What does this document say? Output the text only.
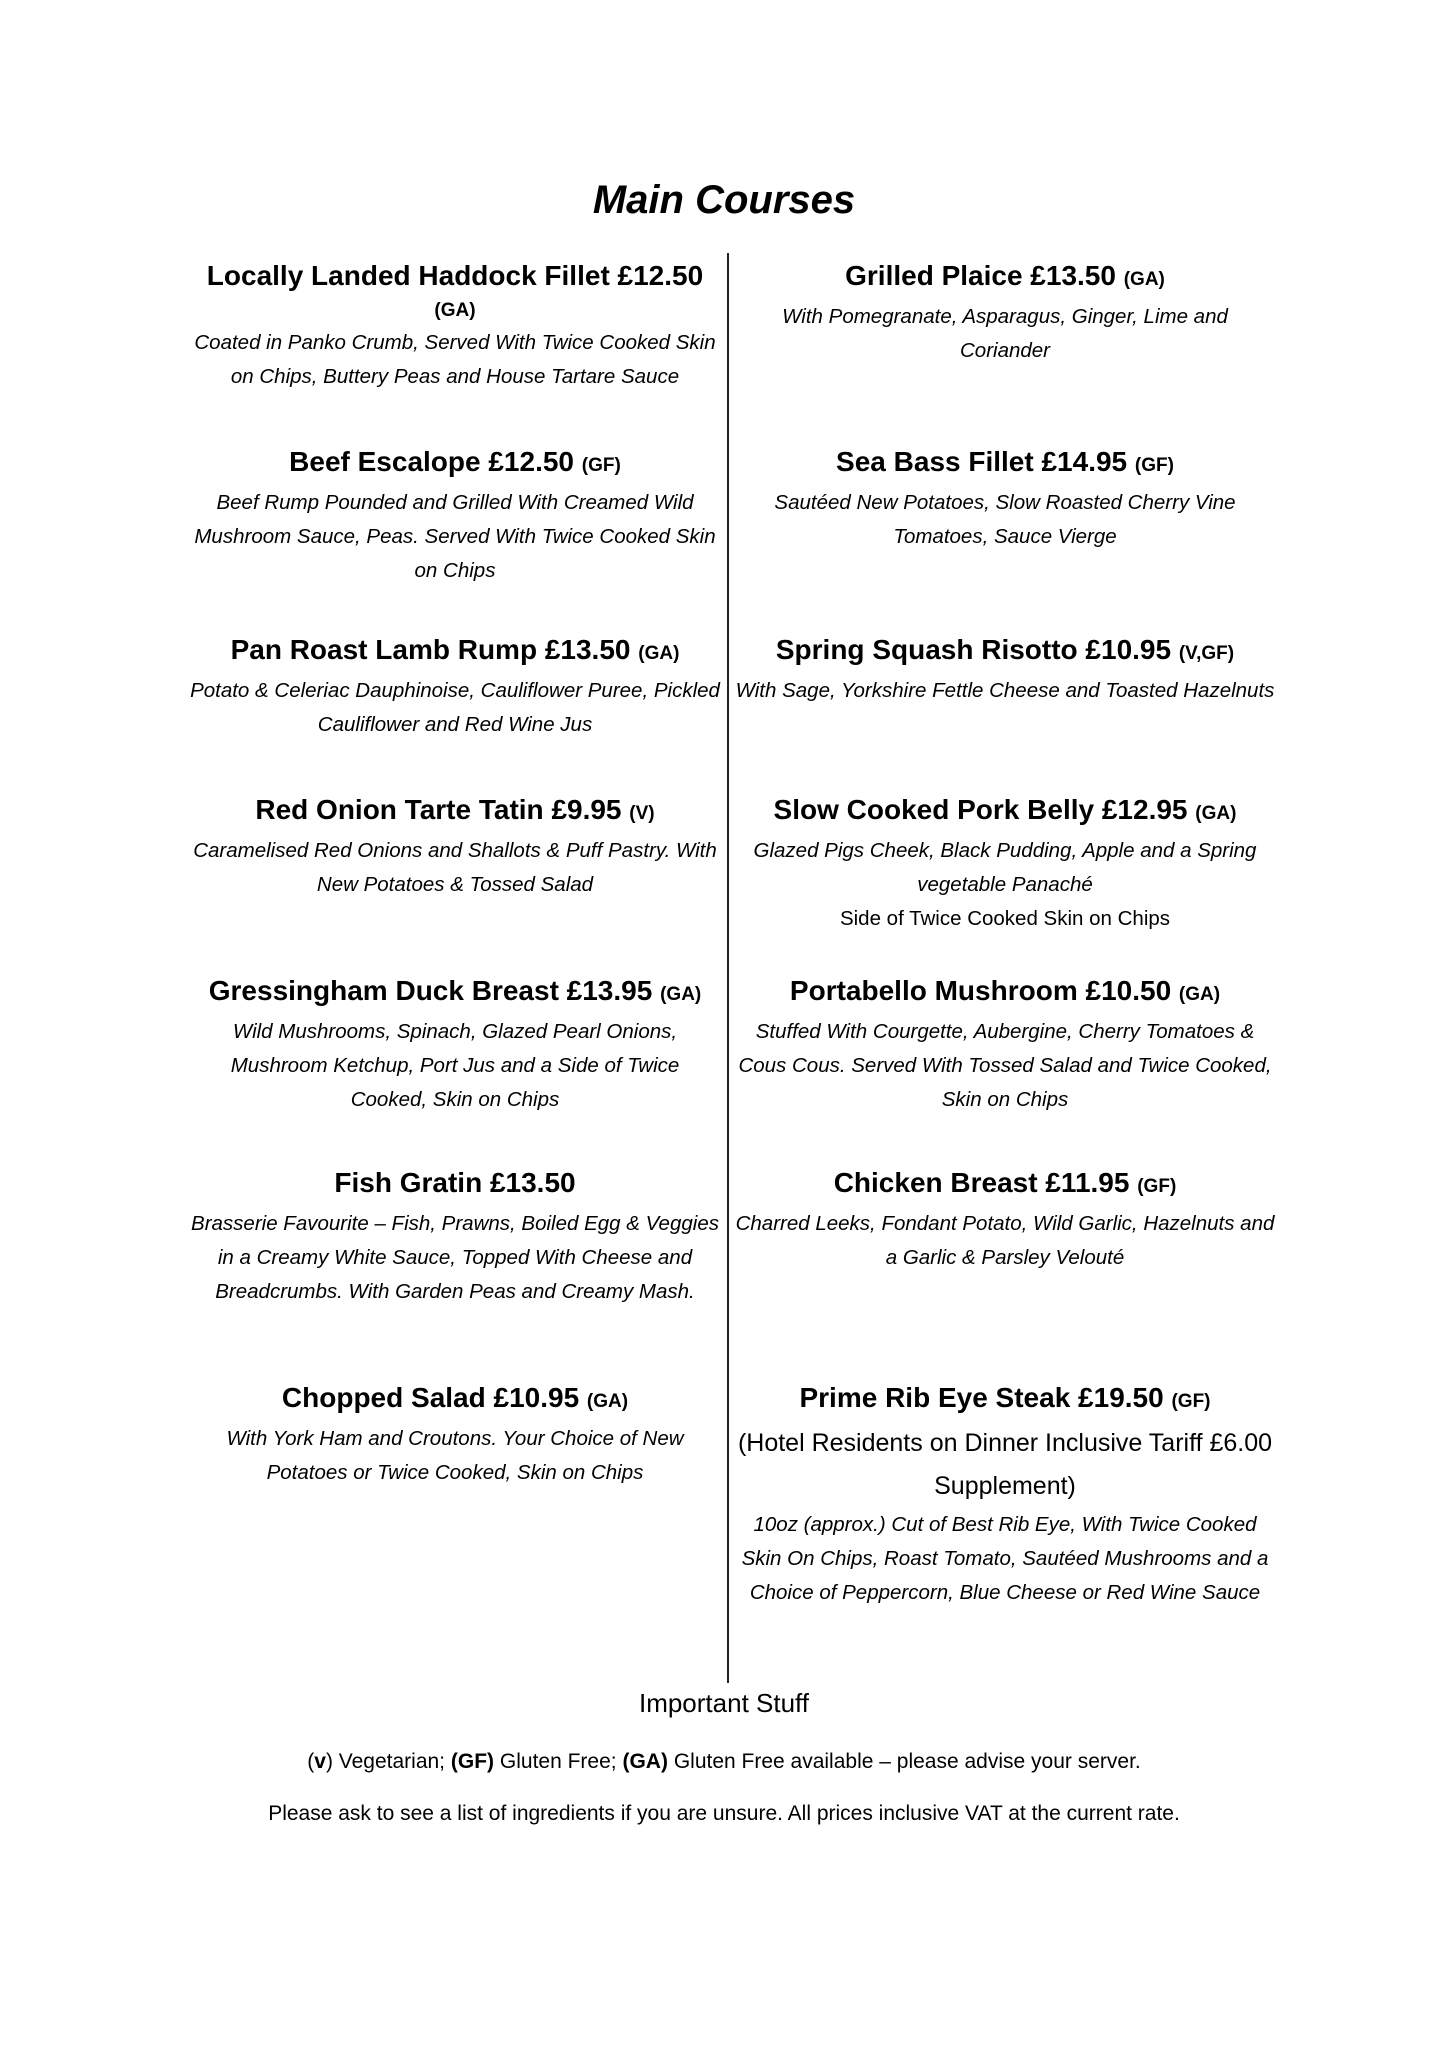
Main Courses
Locally Landed Haddock Fillet £12.50
(GA)
Coated in Panko Crumb, Served With Twice Cooked Skin on Chips, Buttery Peas and House Tartare Sauce
Beef Escalope £12.50 (GF)
Beef Rump Pounded and Grilled With Creamed Wild Mushroom Sauce, Peas. Served With Twice Cooked Skin on Chips
Pan Roast Lamb Rump £13.50 (GA)
Potato & Celeriac Dauphinoise, Cauliflower Puree, Pickled Cauliflower and Red Wine Jus
Red Onion Tarte Tatin £9.95 (V)
Caramelised Red Onions and Shallots & Puff Pastry. With New Potatoes & Tossed Salad
Gressingham Duck Breast £13.95 (GA)
Wild Mushrooms, Spinach, Glazed Pearl Onions, Mushroom Ketchup, Port Jus and a Side of Twice Cooked, Skin on Chips
Fish Gratin £13.50
Brasserie Favourite – Fish, Prawns, Boiled Egg & Veggies in a Creamy White Sauce, Topped With Cheese and Breadcrumbs. With Garden Peas and Creamy Mash.
Chopped Salad £10.95 (GA)
With York Ham and Croutons. Your Choice of New Potatoes or Twice Cooked, Skin on Chips
Grilled Plaice £13.50 (GA)
With Pomegranate, Asparagus, Ginger, Lime and Coriander
Sea Bass Fillet £14.95 (GF)
Sautéed New Potatoes, Slow Roasted Cherry Vine Tomatoes, Sauce Vierge
Spring Squash Risotto £10.95 (V,GF)
With Sage, Yorkshire Fettle Cheese and Toasted Hazelnuts
Slow Cooked Pork Belly £12.95 (GA)
Glazed Pigs Cheek, Black Pudding, Apple and a Spring vegetable Panaché
Side of Twice Cooked Skin on Chips
Portabello Mushroom £10.50 (GA)
Stuffed With Courgette, Aubergine, Cherry Tomatoes & Cous Cous. Served With Tossed Salad and Twice Cooked, Skin on Chips
Chicken Breast £11.95 (GF)
Charred Leeks, Fondant Potato, Wild Garlic, Hazelnuts and a Garlic & Parsley Velouté
Prime Rib Eye Steak £19.50 (GF)
(Hotel Residents on Dinner Inclusive Tariff £6.00 Supplement)
10oz (approx.) Cut of Best Rib Eye, With Twice Cooked Skin On Chips, Roast Tomato, Sautéed Mushrooms and a Choice of Peppercorn, Blue Cheese or Red Wine Sauce
Important Stuff
(v) Vegetarian; (GF) Gluten Free; (GA) Gluten Free available – please advise your server.
Please ask to see a list of ingredients if you are unsure. All prices inclusive VAT at the current rate.
